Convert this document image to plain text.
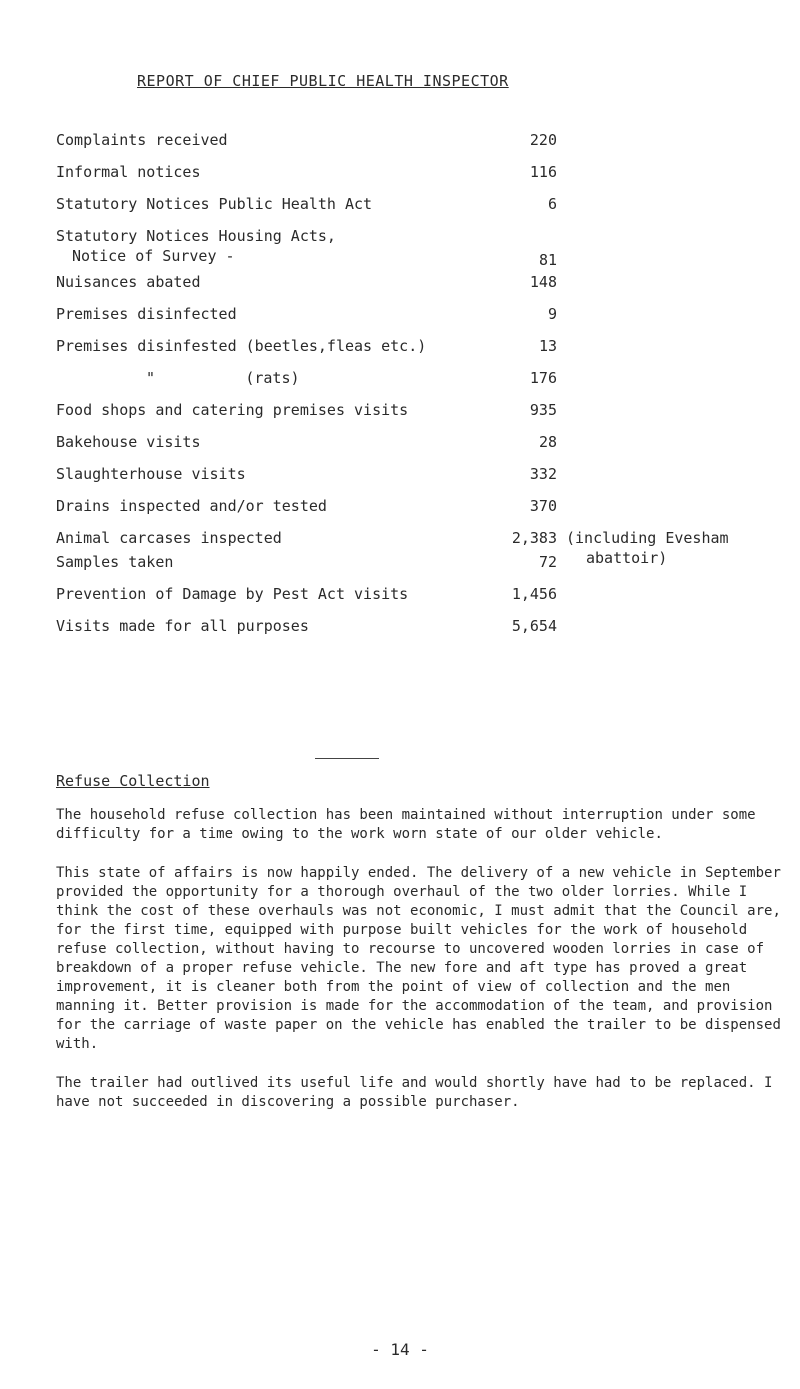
REPORT OF CHIEF PUBLIC HEALTH INSPECTOR
Complaints received	220
Informal notices	116
Statutory Notices Public Health Act	6
Statutory Notices Housing Acts,
Notice of Survey -	81
Nuisances abated	148
Premises disinfected	9
Premises disinfested (beetles,fleas etc.)	13
"          (rats)	176
Food shops and catering premises visits	935
Bakehouse visits	28
Slaughterhouse visits	332
Drains inspected and/or tested	370
Animal carcases inspected	2,383 (including Evesham
abattoir)
Samples taken	72
Prevention of Damage by Pest Act visits	1,456
Visits made for all purposes	5,654
Refuse Collection

The household refuse collection has been maintained without interruption under some difficulty for a time owing to the work worn state of our older vehicle.

This state of affairs is now happily ended. The delivery of a new vehicle in September provided the opportunity for a thorough overhaul of the two older lorries. While I think the cost of these overhauls was not economic, I must admit that the Council are, for the first time, equipped with purpose built vehicles for the work of household refuse collection, without having to recourse to uncovered wooden lorries in case of breakdown of a proper refuse vehicle. The new fore and aft type has proved a great improvement, it is cleaner both from the point of view of collection and the men manning it. Better provision is made for the accommodation of the team, and provision for the carriage of waste paper on the vehicle has enabled the trailer to be dispensed with.

The trailer had outlived its useful life and would shortly have had to be replaced. I have not succeeded in discovering a possible purchaser.

- 14 -
